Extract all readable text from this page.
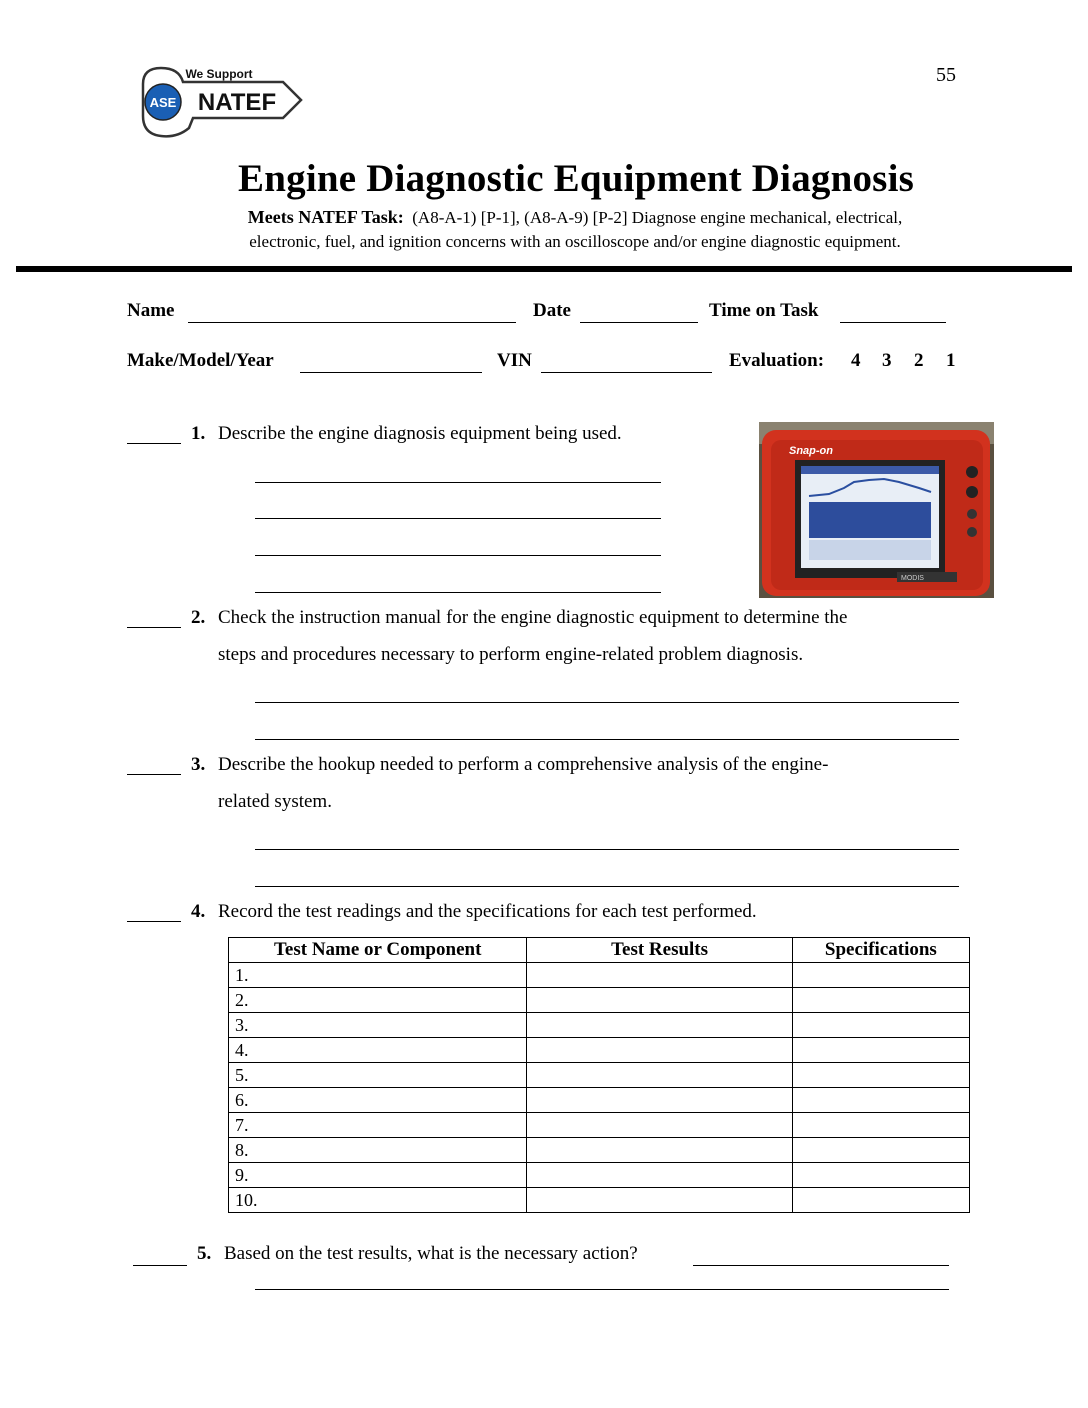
55
ASE
We Support
NATEF
Engine Diagnostic Equipment Diagnosis
Meets NATEF Task: (A8-A-1) [P-1], (A8-A-9) [P-2] Diagnose engine mechanical, electrical,
electronic, fuel, and ignition concerns with an oscilloscope and/or engine diagnostic equipment.
Name	Date	Time on Task
Make/Model/Year	VIN	Evaluation: 4 3 2 1
1. Describe the engine diagnosis equipment being used.
Snap-on
MODIS
2. Check the instruction manual for the engine diagnostic equipment to determine the
steps and procedures necessary to perform engine-related problem diagnosis.
3. Describe the hookup needed to perform a comprehensive analysis of the engine-
related system.
4. Record the test readings and the specifications for each test performed.
Test Name or Component	Test Results	Specifications
1.		
2.		
3.		
4.		
5.		
6.		
7.		
8.		
9.		
10.		
5. Based on the test results, what is the necessary action?
